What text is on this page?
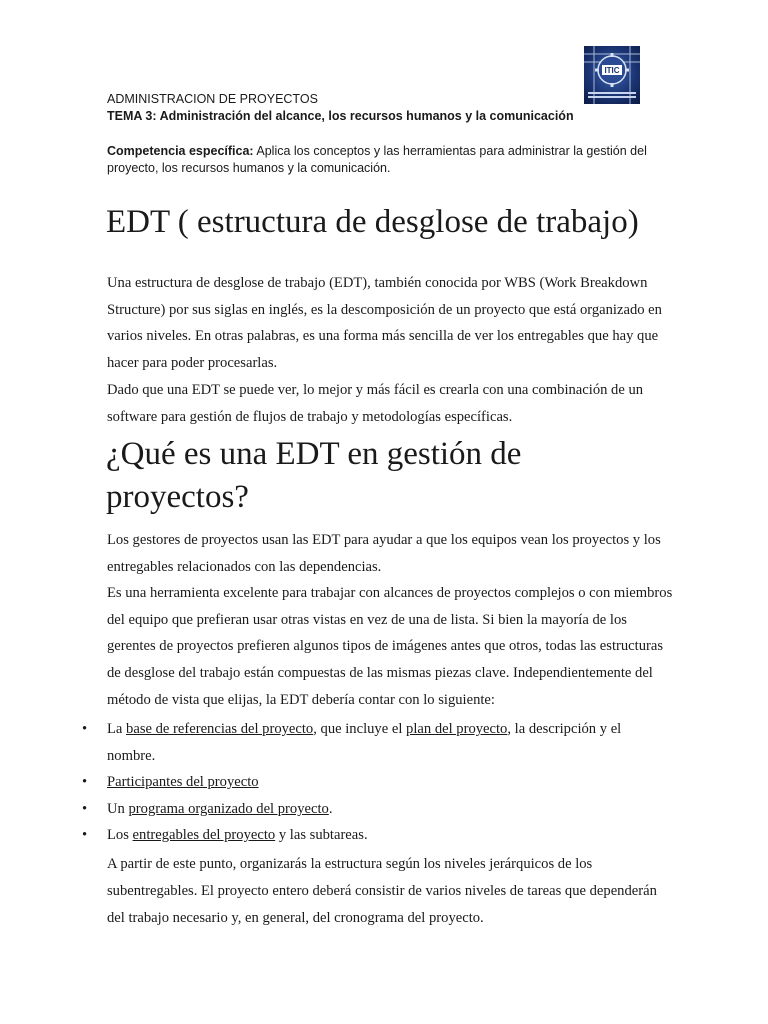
ITIC
ADMINISTRACION DE PROYECTOS
TEMA 3: Administración del alcance, los recursos humanos y la comunicación
Competencia específica: Aplica los conceptos y las herramientas para administrar la gestión del proyecto, los recursos humanos y la comunicación.
EDT ( estructura de desglose de trabajo)

Una estructura de desglose de trabajo (EDT), también conocida por WBS (Work Breakdown Structure) por sus siglas en inglés, es la descomposición de un proyecto que está organizado en varios niveles. En otras palabras, es una forma más sencilla de ver los entregables que hay que hacer para poder procesarlas.

Dado que una EDT se puede ver, lo mejor y más fácil es crearla con una combinación de un software para gestión de flujos de trabajo y metodologías específicas.

¿Qué es una EDT en gestión de proyectos?

Los gestores de proyectos usan las EDT para ayudar a que los equipos vean los proyectos y los entregables relacionados con las dependencias.

Es una herramienta excelente para trabajar con alcances de proyectos complejos o con miembros del equipo que prefieran usar otras vistas en vez de una de lista. Si bien la mayoría de los gerentes de proyectos prefieren algunos tipos de imágenes antes que otros, todas las estructuras de desglose del trabajo están compuestas de las mismas piezas clave. Independientemente del método de vista que elijas, la EDT debería contar con lo siguiente:

• La base de referencias del proyecto, que incluye el plan del proyecto, la descripción y el nombre.
• Participantes del proyecto
• Un programa organizado del proyecto.
• Los entregables del proyecto y las subtareas.
A partir de este punto, organizarás la estructura según los niveles jerárquicos de los subentregables. El proyecto entero deberá consistir de varios niveles de tareas que dependerán del trabajo necesario y, en general, del cronograma del proyecto.
